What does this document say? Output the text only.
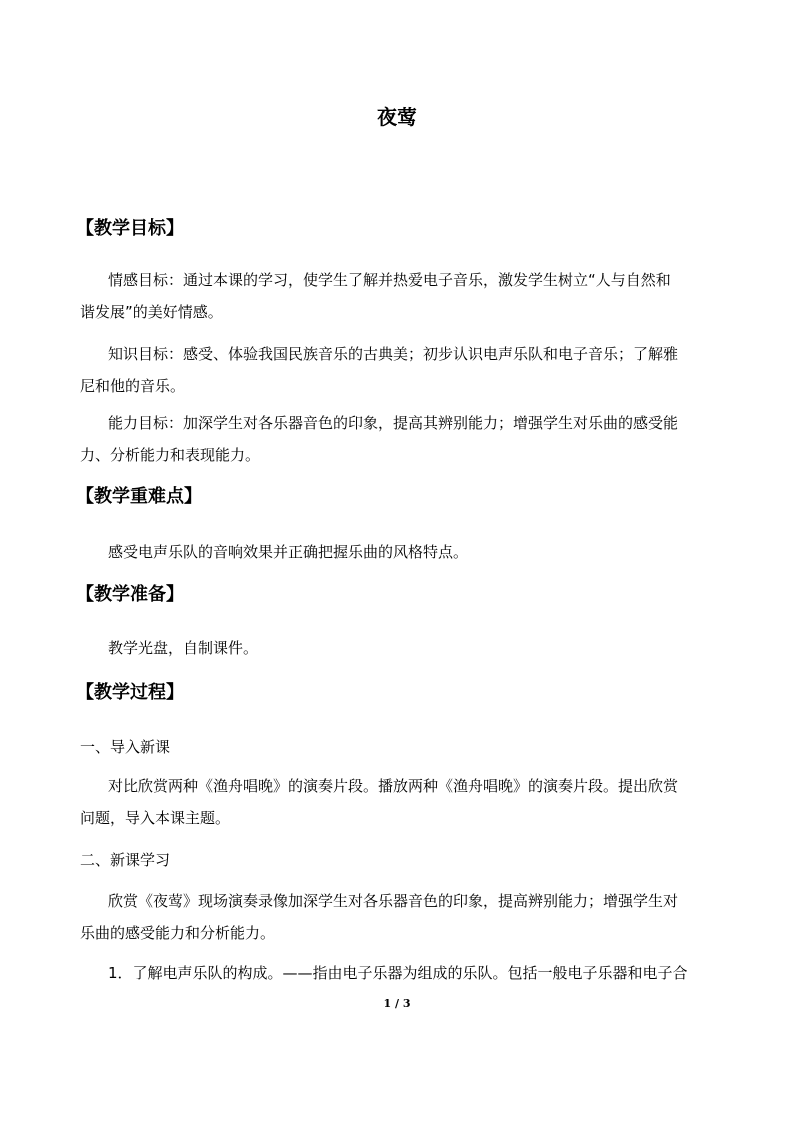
夜莺
【教学目标】
情感目标：通过本课的学习，使学生了解并热爱电子音乐，激发学生树立“人与自然和
谐发展”的美好情感。
知识目标：感受、体验我国民族音乐的古典美；初步认识电声乐队和电子音乐；了解雅
尼和他的音乐。
能力目标：加深学生对各乐器音色的印象，提高其辨别能力；增强学生对乐曲的感受能
力、分析能力和表现能力。
【教学重难点】
感受电声乐队的音响效果并正确把握乐曲的风格特点。
【教学准备】
教学光盘，自制课件。
【教学过程】
一、导入新课
对比欣赏两种《渔舟唱晚》的演奏片段。播放两种《渔舟唱晚》的演奏片段。提出欣赏
问题，导入本课主题。
二、新课学习
欣赏《夜莺》现场演奏录像加深学生对各乐器音色的印象，提高辨别能力；增强学生对
乐曲的感受能力和分析能力。
1．了解电声乐队的构成。——指由电子乐器为组成的乐队。包括一般电子乐器和电子合
1 / 3
